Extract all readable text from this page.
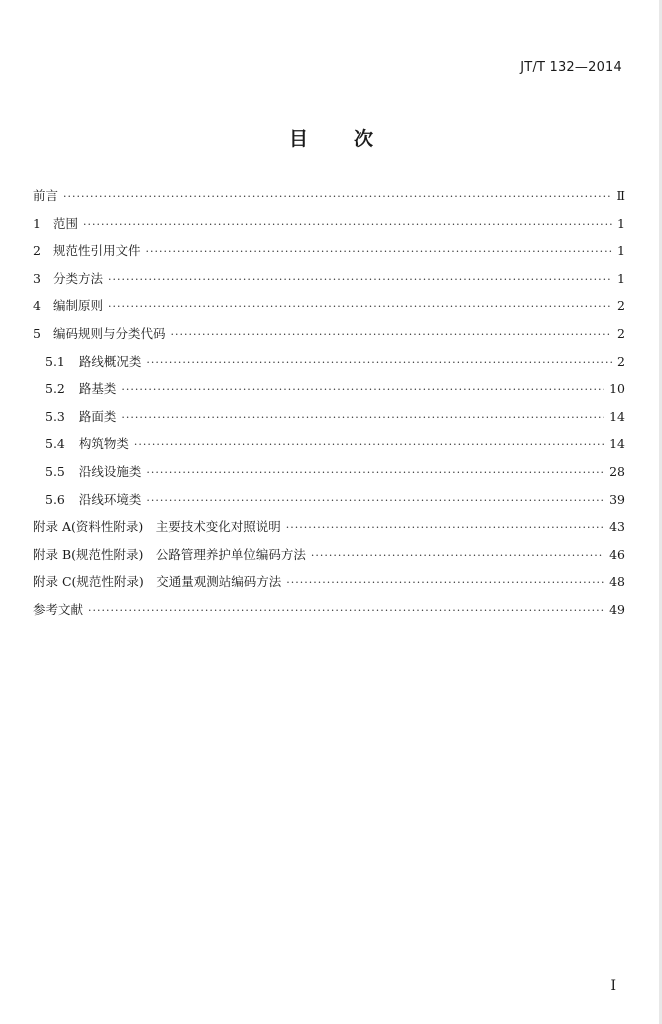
JT/T 132—2014
目 次
前言 ·····	Ⅱ
1 范围 ·····	1
2 规范性引用文件 ·····	1
3 分类方法 ·····	1
4 编制原则 ·····	2
5 编码规则与分类代码 ·····	2
5.1 路线概况类 ·····	2
5.2 路基类 ·····	10
5.3 路面类 ·····	14
5.4 构筑物类 ·····	14
5.5 沿线设施类 ·····	28
5.6 沿线环境类 ·····	39
附录 A(资料性附录)　主要技术变化对照说明 ·····	43
附录 B(规范性附录)　公路管理养护单位编码方法 ·····	46
附录 C(规范性附录)　交通量观测站编码方法 ·····	48
参考文献 ·····	49
I
